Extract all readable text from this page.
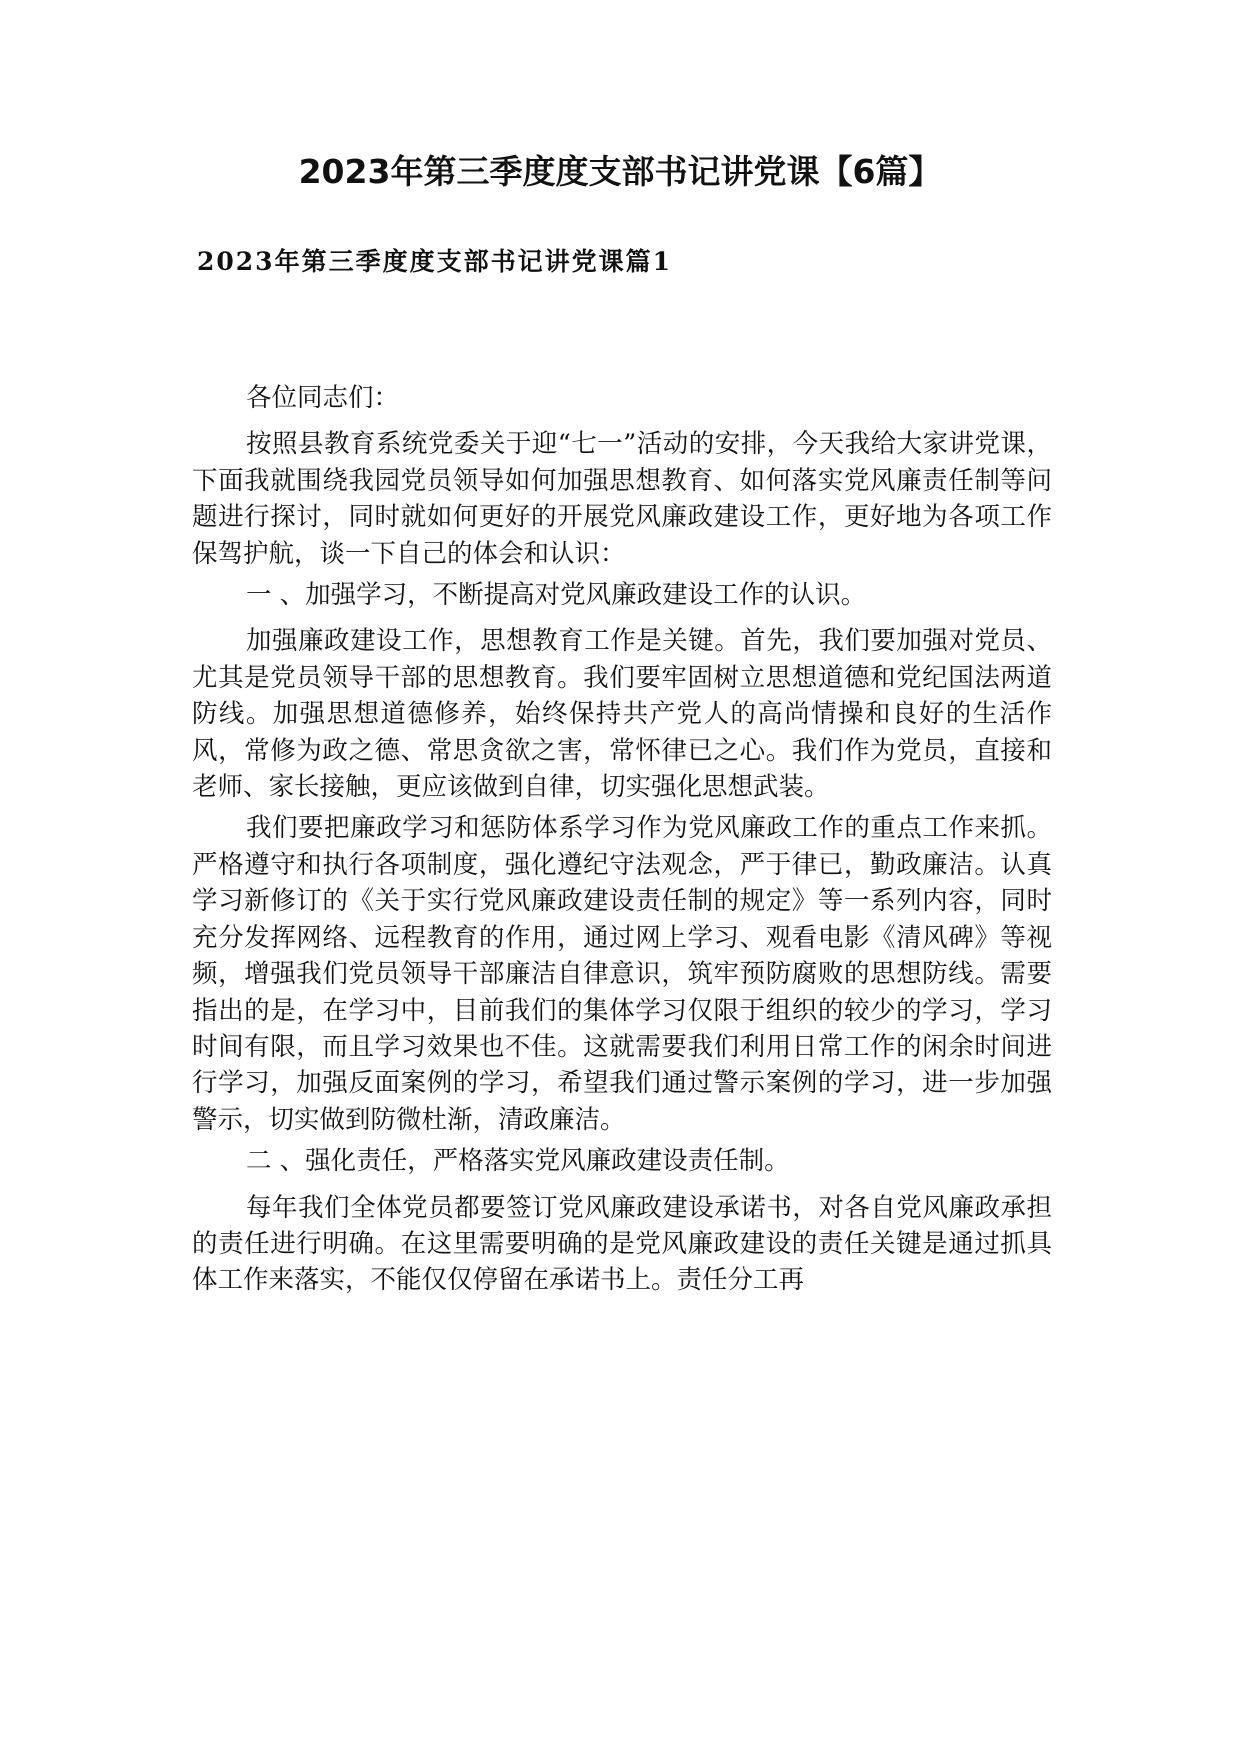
2023年第三季度度支部书记讲党课【6篇】
2023年第三季度度支部书记讲党课篇1

各位同志们：

按照县教育系统党委关于迎“七一”活动的安排，今天我给大家讲党课，下面我就围绕我园党员领导如何加强思想教育、如何落实党风廉责任制等问题进行探讨，同时就如何更好的开展党风廉政建设工作，更好地为各项工作保驾护航，谈一下自己的体会和认识：

一 、加强学习，不断提高对党风廉政建设工作的认识。

加强廉政建设工作，思想教育工作是关键。首先，我们要加强对党员、尤其是党员领导干部的思想教育。我们要牢固树立思想道德和党纪国法两道防线。加强思想道德修养，始终保持共产党人的高尚情操和良好的生活作风，常修为政之德、常思贪欲之害，常怀律已之心。我们作为党员，直接和老师、家长接触，更应该做到自律，切实强化思想武装。

我们要把廉政学习和惩防体系学习作为党风廉政工作的重点工作来抓。严格遵守和执行各项制度，强化遵纪守法观念，严于律已，勤政廉洁。认真学习新修订的《关于实行党风廉政建设责任制的规定》等一系列内容，同时充分发挥网络、远程教育的作用，通过网上学习、观看电影《清风碑》等视频，增强我们党员领导干部廉洁自律意识，筑牢预防腐败的思想防线。需要指出的是，在学习中，目前我们的集体学习仅限于组织的较少的学习，学习时间有限，而且学习效果也不佳。这就需要我们利用日常工作的闲余时间进行学习，加强反面案例的学习，希望我们通过警示案例的学习，进一步加强警示，切实做到防微杜渐，清政廉洁。

二 、强化责任，严格落实党风廉政建设责任制。

每年我们全体党员都要签订党风廉政建设承诺书，对各自党风廉政承担的责任进行明确。在这里需要明确的是党风廉政建设的责任关键是通过抓具体工作来落实，不能仅仅停留在承诺书上。责任分工再
